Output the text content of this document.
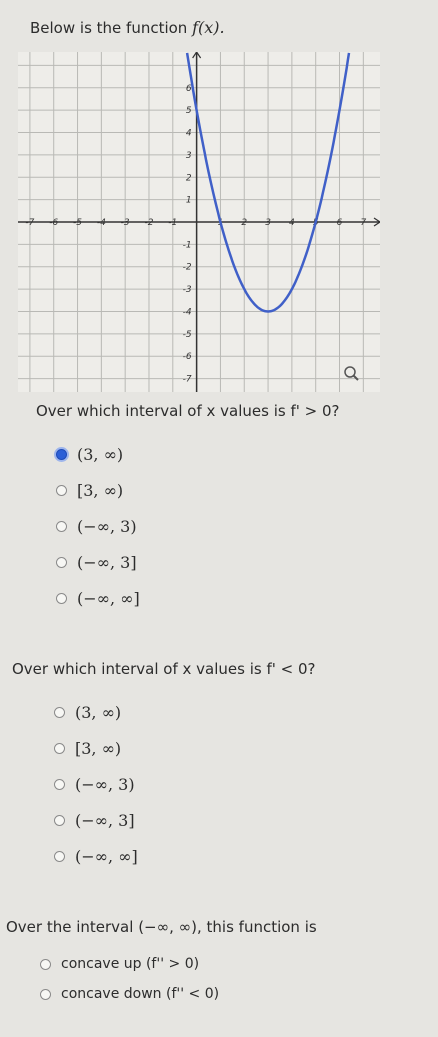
Below is the function f(x).
-7 -6 -5 -4 -3 -2 -1	1 2 3 4 5 6 7
6
5
4
3
2
1
-1
-2
-3
-4
-5
-6
-7
Over which interval of x values is f' > 0?
(3, ∞)
[3, ∞)
(−∞, 3)
(−∞, 3]
(−∞, ∞]
Over which interval of x values is f' < 0?
(3, ∞)
[3, ∞)
(−∞, 3)
(−∞, 3]
(−∞, ∞]
Over the interval (−∞, ∞), this function is
concave up (f'' > 0)
concave down (f'' < 0)
